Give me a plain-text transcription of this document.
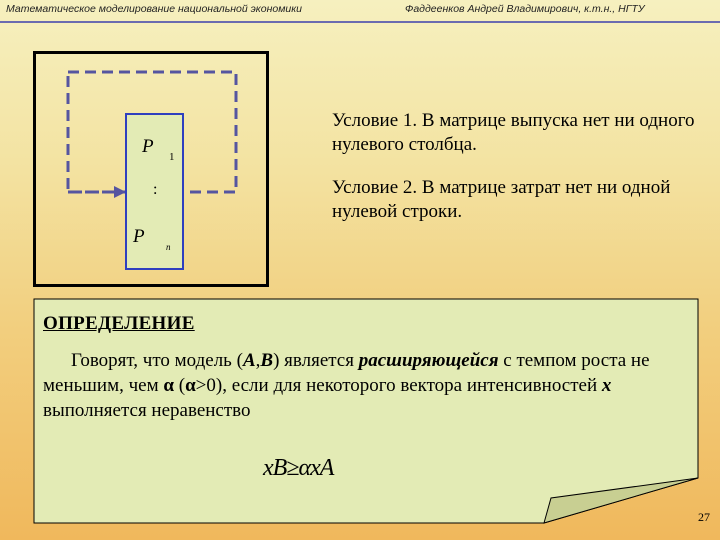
Математическое моделирование национальной экономики	Фаддеенков Андрей Владимирович, к.т.н., НГТУ
P 1
:
P n
Условие 1. В матрице выпуска нет ни одного нулевого столбца.
Условие 2. В матрице затрат нет ни одной нулевой строки.
ОПРЕДЕЛЕНИЕ
Говорят, что модель (A,B) является расширяющейся с темпом роста не меньшим, чем α (α>0), если для некоторого вектора интенсивностей x выполняется неравенство
xB≥αxA
27
